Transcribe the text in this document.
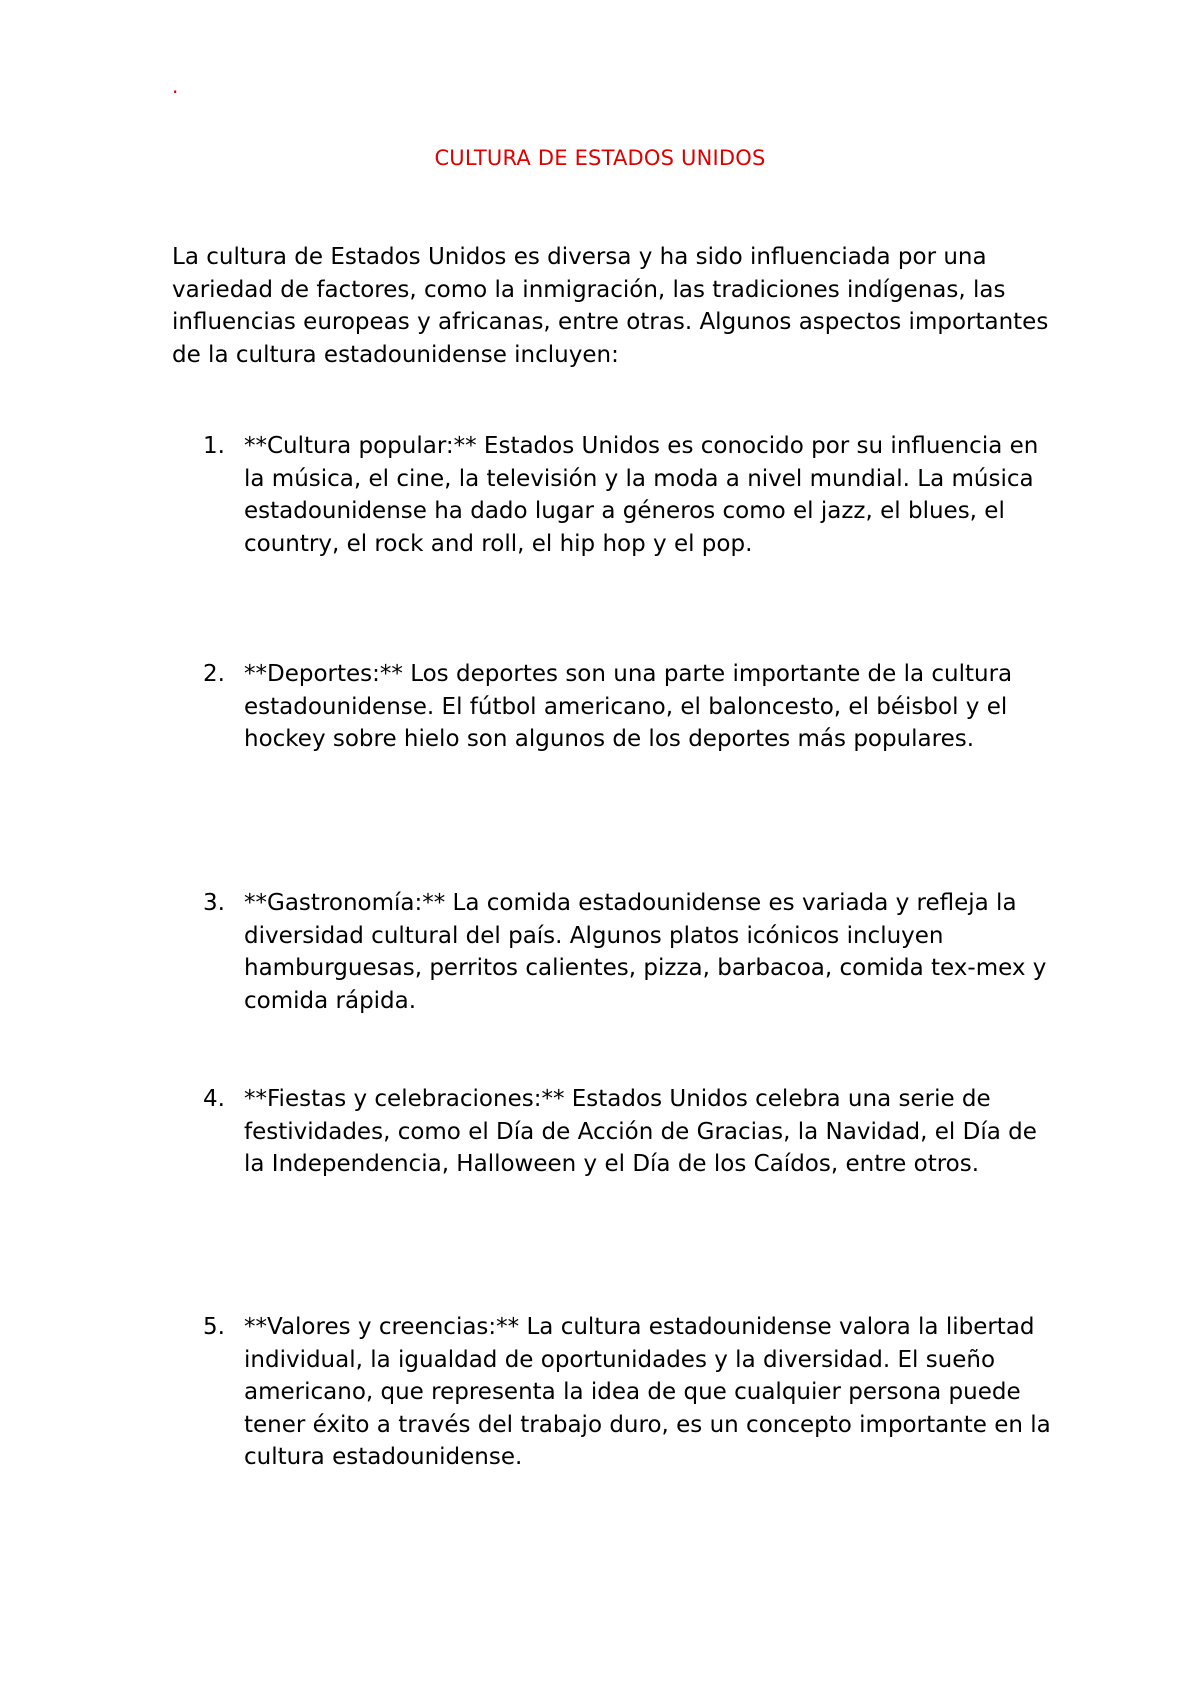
.
CULTURA DE ESTADOS UNIDOS

La cultura de Estados Unidos es diversa y ha sido influenciada por una variedad de factores, como la inmigración, las tradiciones indígenas, las influencias europeas y africanas, entre otras. Algunos aspectos importantes de la cultura estadounidense incluyen:

1. **Cultura popular:** Estados Unidos es conocido por su influencia en la música, el cine, la televisión y la moda a nivel mundial. La música estadounidense ha dado lugar a géneros como el jazz, el blues, el country, el rock and roll, el hip hop y el pop.
2. **Deportes:** Los deportes son una parte importante de la cultura estadounidense. El fútbol americano, el baloncesto, el béisbol y el hockey sobre hielo son algunos de los deportes más populares.
3. **Gastronomía:** La comida estadounidense es variada y refleja la diversidad cultural del país. Algunos platos icónicos incluyen hamburguesas, perritos calientes, pizza, barbacoa, comida tex-mex y comida rápida.
4. **Fiestas y celebraciones:** Estados Unidos celebra una serie de festividades, como el Día de Acción de Gracias, la Navidad, el Día de la Independencia, Halloween y el Día de los Caídos, entre otros.
5. **Valores y creencias:** La cultura estadounidense valora la libertad individual, la igualdad de oportunidades y la diversidad. El sueño americano, que representa la idea de que cualquier persona puede tener éxito a través del trabajo duro, es un concepto importante en la cultura estadounidense.
